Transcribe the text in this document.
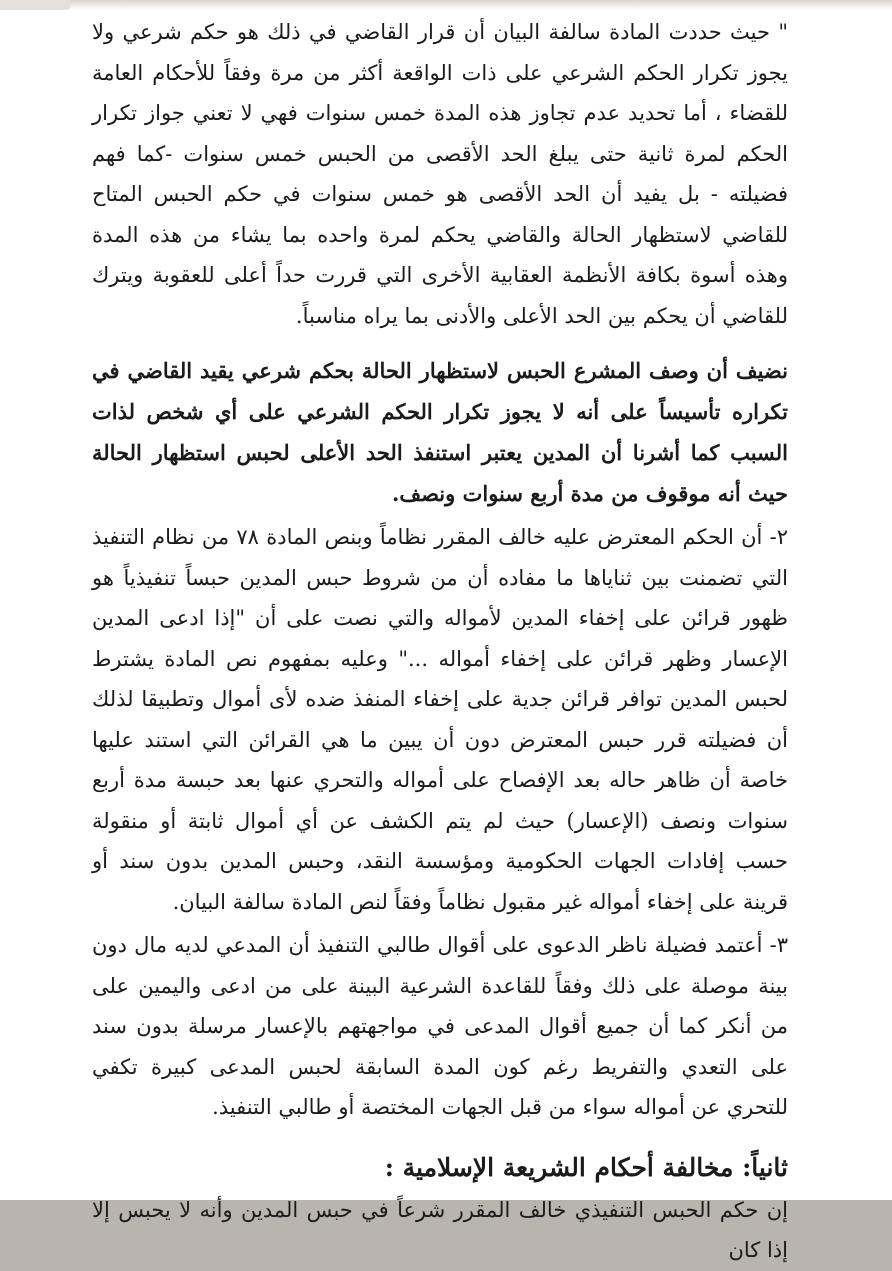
" حيث حددت المادة سالفة البيان أن قرار القاضي في ذلك هو حكم شرعي ولا يجوز تكرار الحكم الشرعي على ذات الواقعة أكثر من مرة وفقاً للأحكام العامة للقضاء ، أما تحديد عدم تجاوز هذه المدة خمس سنوات فهي لا تعني جواز تكرار الحكم لمرة ثانية حتى يبلغ الحد الأقصى من الحبس خمس سنوات -كما فهم فضيلته - بل يفيد أن الحد الأقصى هو خمس سنوات في حكم الحبس المتاح للقاضي لاستظهار الحالة والقاضي يحكم لمرة واحده بما يشاء من هذه المدة وهذه أسوة بكافة الأنظمة العقابية الأخرى التي قررت حداً أعلى للعقوبة ويترك للقاضي أن يحكم بين الحد الأعلى والأدنى بما يراه مناسباً.

نضيف أن وصف المشرع الحبس لاستظهار الحالة بحكم شرعي يقيد القاضي في تكراره تأسيساً على أنه لا يجوز تكرار الحكم الشرعي على أي شخص لذات السبب كما أشرنا أن المدين يعتبر استنفذ الحد الأعلى لحبس استظهار الحالة حيث أنه موقوف من مدة أربع سنوات ونصف.

٢- أن الحكم المعترض عليه خالف المقرر نظاماً وبنص المادة ٧٨ من نظام التنفيذ التي تضمنت بين ثناياها ما مفاده أن من شروط حبس المدين حبساً تنفيذياً هو ظهور قرائن على إخفاء المدين لأمواله والتي نصت على أن "إذا ادعى المدين الإعسار وظهر قرائن على إخفاء أمواله ..." وعليه بمفهوم نص المادة يشترط لحبس المدين توافر قرائن جدية على إخفاء المنفذ ضده لأى أموال وتطبيقا لذلك أن فضيلته قرر حبس المعترض دون أن يبين ما هي القرائن التي استند عليها خاصة أن ظاهر حاله بعد الإفصاح على أمواله والتحري عنها بعد حبسة مدة أربع سنوات ونصف (الإعسار) حيث لم يتم الكشف عن أي أموال ثابتة أو منقولة حسب إفادات الجهات الحكومية ومؤسسة النقد، وحبس المدين بدون سند أو قرينة على إخفاء أمواله غير مقبول نظاماً وفقاً لنص المادة سالفة البيان.

٣- أعتمد فضيلة ناظر الدعوى على أقوال طالبي التنفيذ أن المدعي لديه مال دون بينة موصلة على ذلك وفقاً للقاعدة الشرعية البينة على من ادعى واليمين على من أنكر كما أن جميع أقوال المدعى في مواجهتهم بالإعسار مرسلة بدون سند على التعدي والتفريط رغم كون المدة السابقة لحبس المدعى كبيرة تكفي للتحري عن أمواله سواء من قبل الجهات المختصة أو طالبي التنفيذ.

ثانياً: مخالفة أحكام الشريعة الإسلامية :

إن حكم الحبس التنفيذي خالف المقرر شرعاً في حبس المدين وأنه لا يحبس إلا إذا كان
